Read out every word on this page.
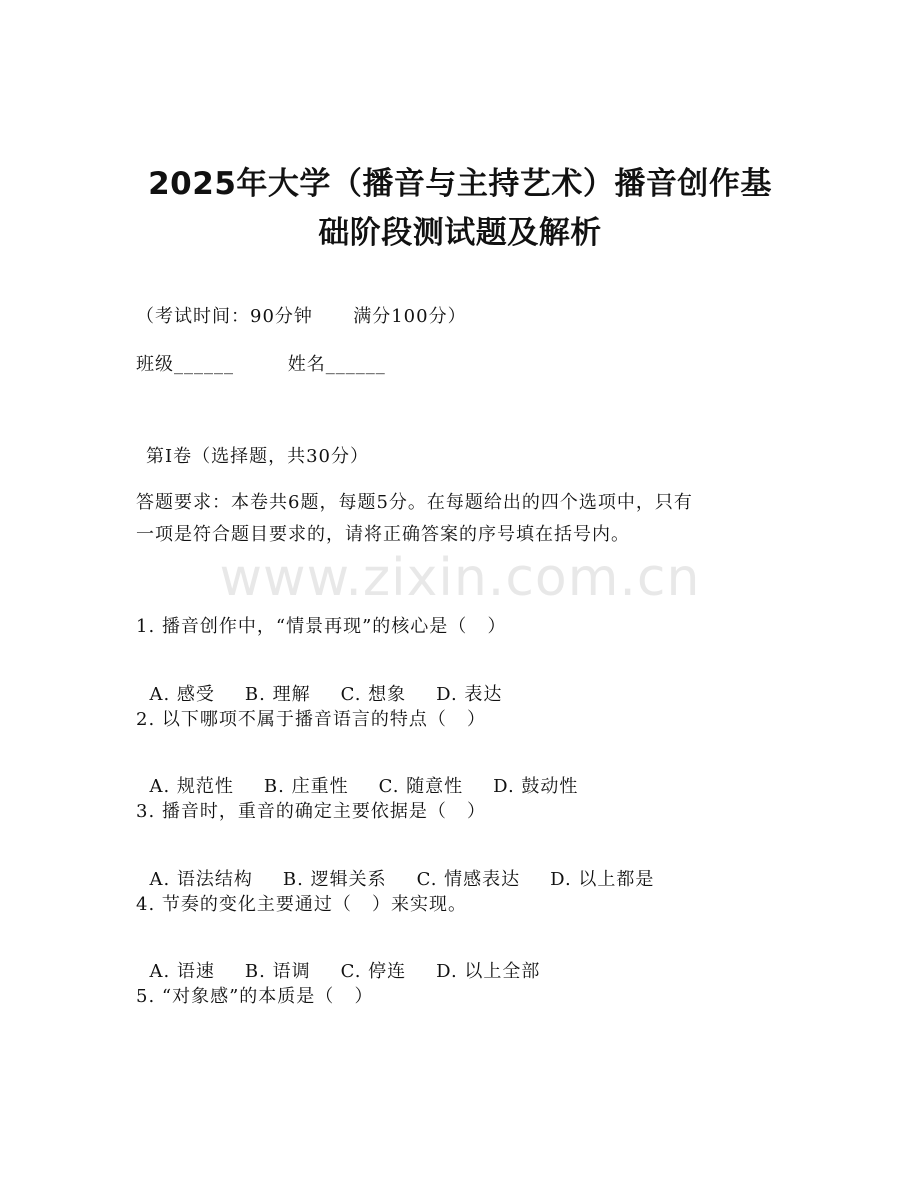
2025年大学（播音与主持艺术）播音创作基
础阶段测试题及解析
（考试时间：90分钟      满分100分）
班级______        姓名______
第Ⅰ卷（选择题，共30分）
答题要求：本卷共6题，每题5分。在每题给出的四个选项中，只有
一项是符合题目要求的，请将正确答案的序号填在括号内。
www.zixin.com.cn
1. 播音创作中，“情景再现”的核心是（   ）

A. 感受 B. 理解 C. 想象 D. 表达

2. 以下哪项不属于播音语言的特点（   ）

A. 规范性 B. 庄重性 C. 随意性 D. 鼓动性

3. 播音时，重音的确定主要依据是（   ）

A. 语法结构 B. 逻辑关系 C. 情感表达 D. 以上都是

4. 节奏的变化主要通过（   ）来实现。

A. 语速 B. 语调 C. 停连 D. 以上全部

5. “对象感”的本质是（   ）
